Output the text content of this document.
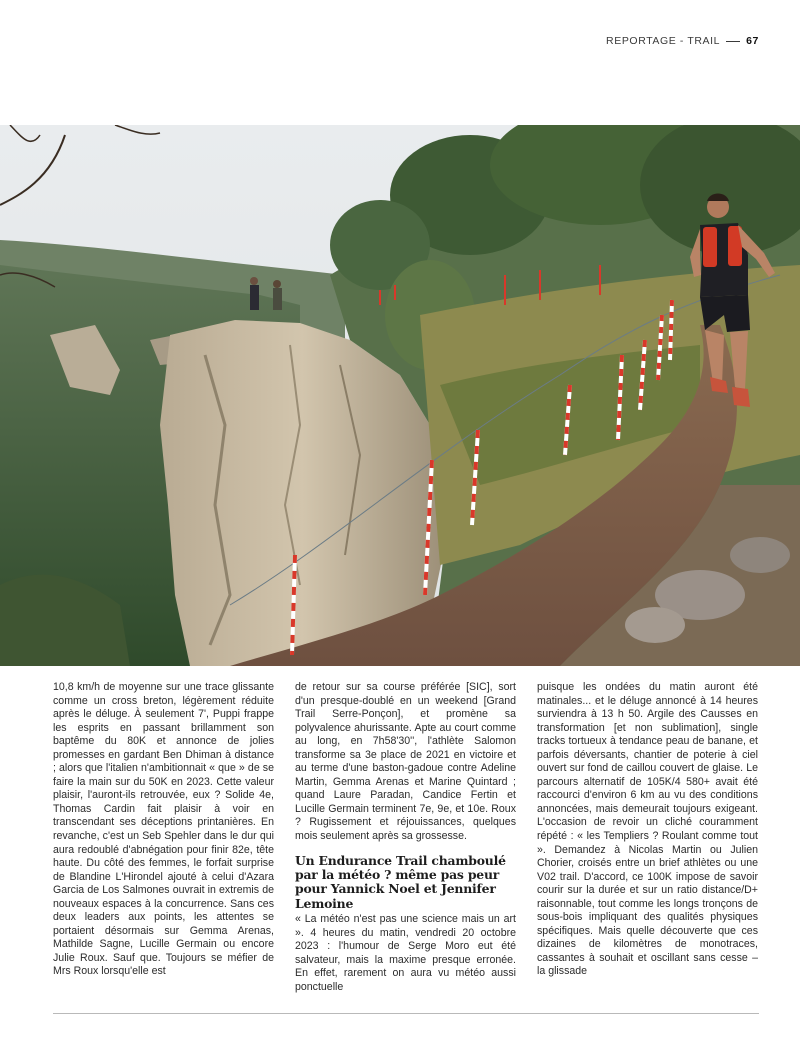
REPORTAGE - TRAIL 67

10,8 km/h de moyenne sur une trace glissante comme un cross breton, légèrement réduite après le déluge. À seulement 7', Puppi frappe les esprits en passant brillamment son baptême du 80K et annonce de jolies promesses en gardant Ben Dhiman à distance ; alors que l'italien n'ambitionnait « que » de se faire la main sur du 50K en 2023. Cette valeur plaisir, l'auront-ils retrouvée, eux ? Solide 4e, Thomas Cardin fait plaisir à voir en transcendant ses déceptions printanières. En revanche, c'est un Seb Spehler dans le dur qui aura redoublé d'abnégation pour finir 82e, tête haute. Du côté des femmes, le forfait surprise de Blandine L'Hirondel ajouté à celui d'Azara Garcia de Los Salmones ouvrait in extremis de nouveaux espaces à la concurrence. Sans ces deux leaders aux points, les attentes se portaient désormais sur Gemma Arenas, Mathilde Sagne, Lucille Germain ou encore Julie Roux. Sauf que. Toujours se méfier de Mrs Roux lorsqu'elle est

de retour sur sa course préférée [SIC], sort d'un presque-doublé en un weekend [Grand Trail Serre-Ponçon], et promène sa polyvalence ahurissante. Apte au court comme au long, en 7h58'30'', l'athlète Salomon transforme sa 3e place de 2021 en victoire et au terme d'une baston-gadoue contre Adeline Martin, Gemma Arenas et Marine Quintard ; quand Laure Paradan, Candice Fertin et Lucille Germain terminent 7e, 9e, et 10e. Roux ? Rugissement et réjouissances, quelques mois seulement après sa grossesse.

Un Endurance Trail chamboulé par la météo ? même pas peur pour Yannick Noel et Jennifer Lemoine

« La météo n'est pas une science mais un art ». 4 heures du matin, vendredi 20 octobre 2023 : l'humour de Serge Moro eut été salvateur, mais la maxime presque erronée. En effet, rarement on aura vu météo aussi ponctuelle

puisque les ondées du matin auront été matinales... et le déluge annoncé à 14 heures surviendra à 13 h 50. Argile des Causses en transformation [et non sublimation], single tracks tortueux à tendance peau de banane, et parfois déversants, chantier de poterie à ciel ouvert sur fond de caillou couvert de glaise. Le parcours alternatif de 105K/4 580+ avait été raccourci d'environ 6 km au vu des conditions annoncées, mais demeurait toujours exigeant. L'occasion de revoir un cliché couramment répété : « les Templiers ? Roulant comme tout ». Demandez à Nicolas Martin ou Julien Chorier, croisés entre un brief athlètes ou une V02 trail. D'accord, ce 100K impose de savoir courir sur la durée et sur un ratio distance/D+ raisonnable, tout comme les longs tronçons de sous-bois impliquant des qualités physiques spécifiques. Mais quelle découverte que ces dizaines de kilomètres de monotraces, cassantes à souhait et oscillant sans cesse – la glissade
